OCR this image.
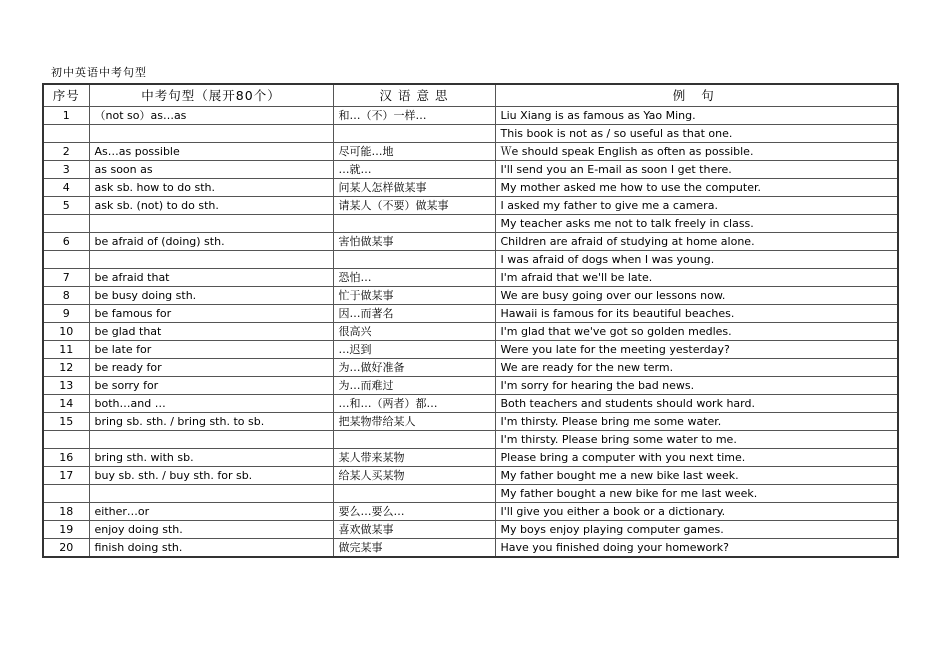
初中英语中考句型
序号	中考句型（展开80个）	汉 语 意 思	例 句
1	（not so）as…as	和…（不）一样…	Liu Xiang is as famous as Yao Ming.
			This book is not as / so useful as that one.
2	As…as possible	尽可能…地	Ｗe should speak English as often as possible.
3	as soon as	…就…	I'll send you an E-mail as soon I get there.
4	ask sb. how to do sth.	问某人怎样做某事	My mother asked me how to use the computer.
5	ask sb. (not) to do sth.	请某人（不要）做某事	I asked my father to give me a camera.
			My teacher asks me not to talk freely in class.
6	be afraid of (doing) sth.	害怕做某事	Children are afraid of studying at home alone.
			I was afraid of dogs when I was young.
7	be afraid that	恐怕…	I'm afraid that we'll be late.
8	be busy doing sth.	忙于做某事	We are busy going over our lessons now.
9	be famous for	因…而著名	Hawaii is famous for its beautiful beaches.
10	be glad that	很高兴	I'm glad that we've got so golden medles.
11	be late for	…迟到	Were you late for the meeting yesterday?
12	be ready for	为…做好准备	We are ready for the new term.
13	be sorry for	为…而难过	I'm sorry for hearing the bad news.
14	both…and …	…和…（两者）都…	Both teachers and students should work hard.
15	bring sb. sth. / bring sth. to sb.	把某物带给某人	I'm thirsty. Please bring me some water.
			I'm thirsty. Please bring some water to me.
16	bring sth. with sb.	某人带来某物	Please bring a computer with you next time.
17	buy sb. sth. / buy sth. for sb.	给某人买某物	My father bought me a new bike last week.
			My father bought a new bike for me last week.
18	either…or	要么…要么…	I'll give you either a book or a dictionary.
19	enjoy doing sth.	喜欢做某事	My boys enjoy playing computer games.
20	finish doing sth.	做完某事	Have you finished doing your homework?
